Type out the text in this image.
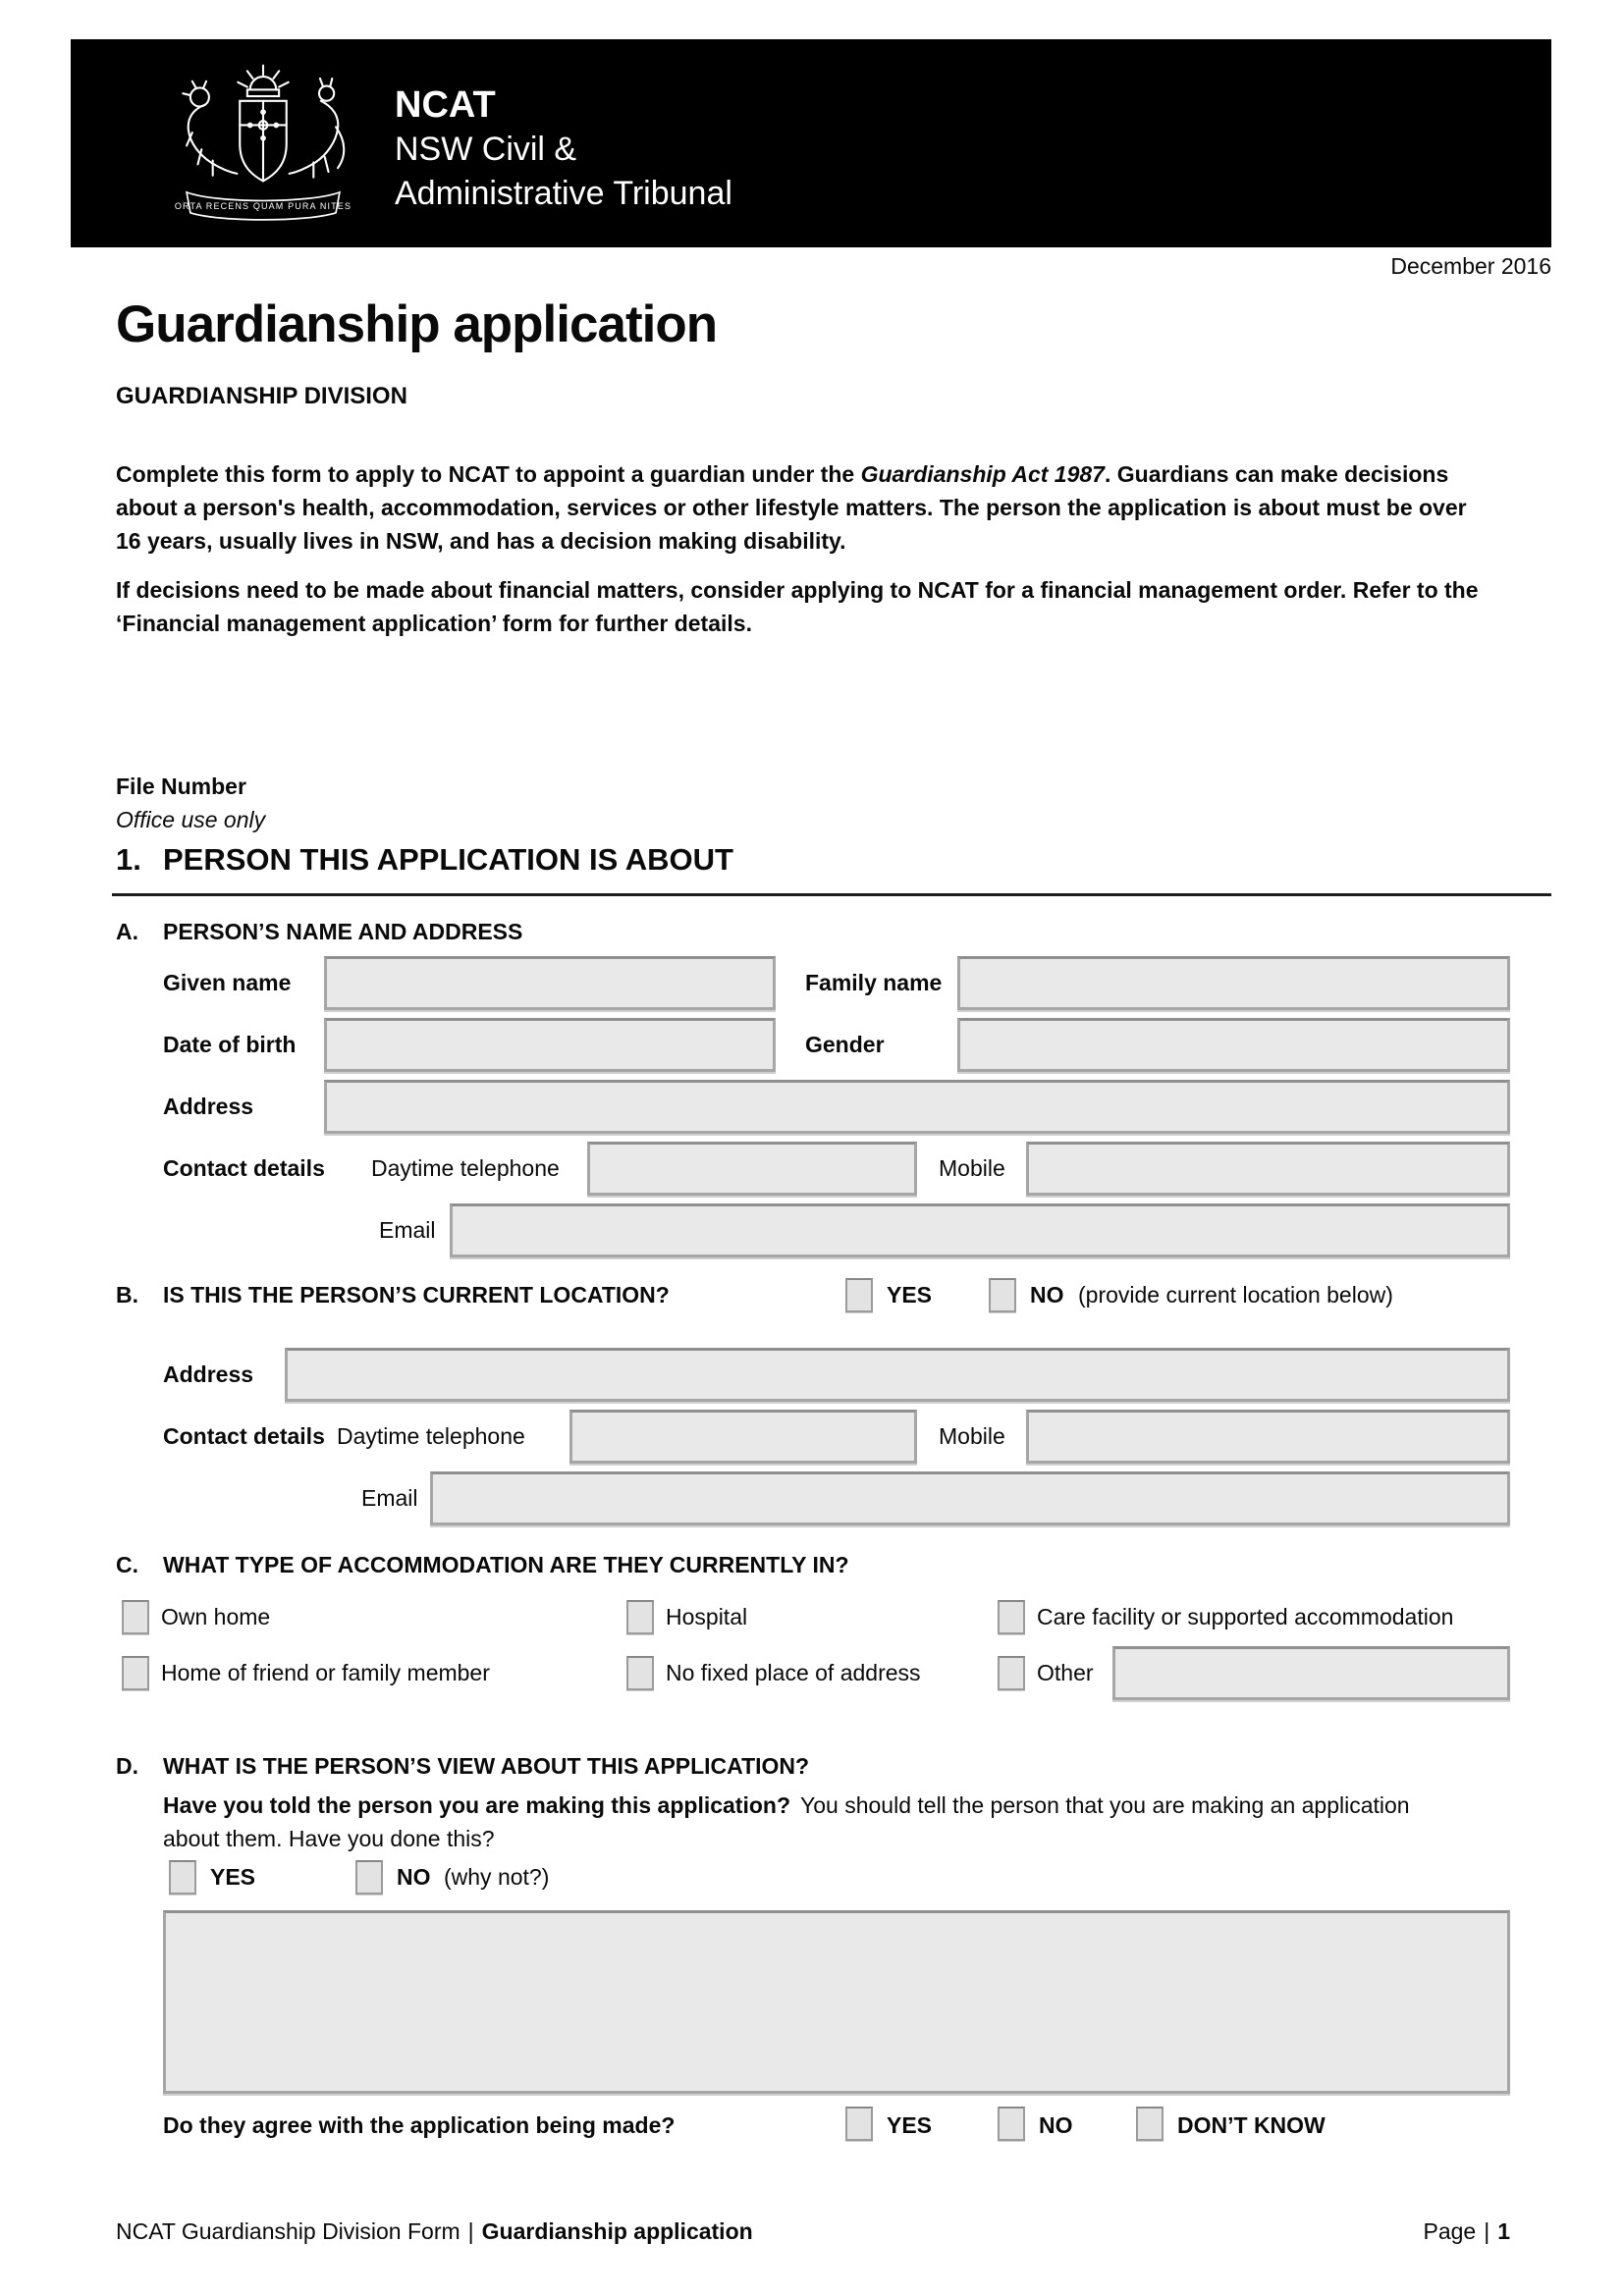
ORTA RECENS QUAM PURA NITES
NCAT
NSW Civil &
Administrative Tribunal
December 2016
Guardianship application
GUARDIANSHIP DIVISION
Complete this form to apply to NCAT to appoint a guardian under the Guardianship Act 1987. Guardians can make decisions about a person's health, accommodation, services or other lifestyle matters. The person the application is about must be over 16 years, usually lives in NSW, and has a decision making disability.
If decisions need to be made about financial matters, consider applying to NCAT for a financial management order. Refer to the ‘Financial management application’ form for further details.
File Number
Office use only
1. PERSON THIS APPLICATION IS ABOUT
A. PERSON’S NAME AND ADDRESS
Given name	Family name
Date of birth	Gender
Address
Contact details Daytime telephone	Mobile
Email
B. IS THIS THE PERSON’S CURRENT LOCATION?	YES	NO (provide current location below)
Address
Contact details Daytime telephone	Mobile
Email
C. WHAT TYPE OF ACCOMMODATION ARE THEY CURRENTLY IN?
Own home	Hospital	Care facility or supported accommodation
Home of friend or family member	No fixed place of address	Other
D. WHAT IS THE PERSON’S VIEW ABOUT THIS APPLICATION?
Have you told the person you are making this application? You should tell the person that you are making an application about them. Have you done this?
YES	NO (why not?)
Do they agree with the application being made?	YES	NO	DON’T KNOW
NCAT Guardianship Division Form | Guardianship application	Page | 1
